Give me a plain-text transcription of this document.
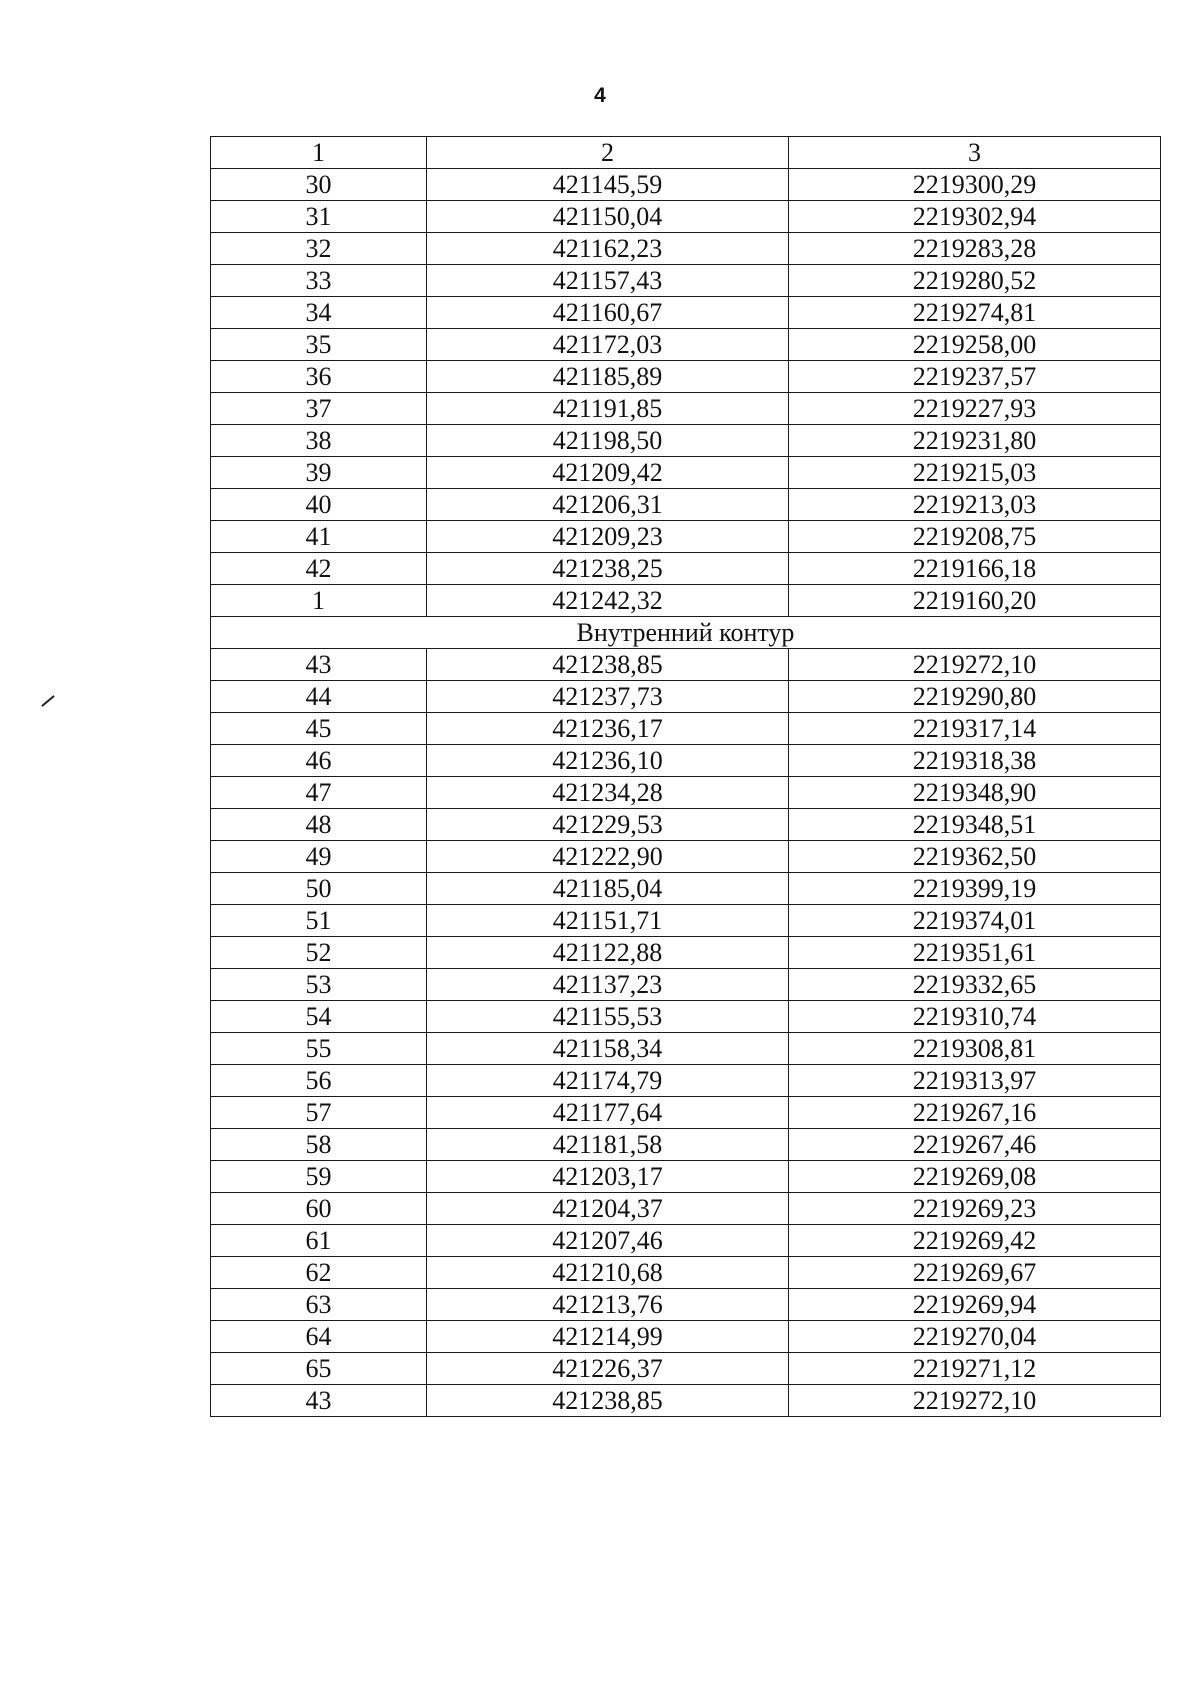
4
1	2	3
30	421145,59	2219300,29
31	421150,04	2219302,94
32	421162,23	2219283,28
33	421157,43	2219280,52
34	421160,67	2219274,81
35	421172,03	2219258,00
36	421185,89	2219237,57
37	421191,85	2219227,93
38	421198,50	2219231,80
39	421209,42	2219215,03
40	421206,31	2219213,03
41	421209,23	2219208,75
42	421238,25	2219166,18
1	421242,32	2219160,20
Внутренний контур		
43	421238,85	2219272,10
44	421237,73	2219290,80
45	421236,17	2219317,14
46	421236,10	2219318,38
47	421234,28	2219348,90
48	421229,53	2219348,51
49	421222,90	2219362,50
50	421185,04	2219399,19
51	421151,71	2219374,01
52	421122,88	2219351,61
53	421137,23	2219332,65
54	421155,53	2219310,74
55	421158,34	2219308,81
56	421174,79	2219313,97
57	421177,64	2219267,16
58	421181,58	2219267,46
59	421203,17	2219269,08
60	421204,37	2219269,23
61	421207,46	2219269,42
62	421210,68	2219269,67
63	421213,76	2219269,94
64	421214,99	2219270,04
65	421226,37	2219271,12
43	421238,85	2219272,10
